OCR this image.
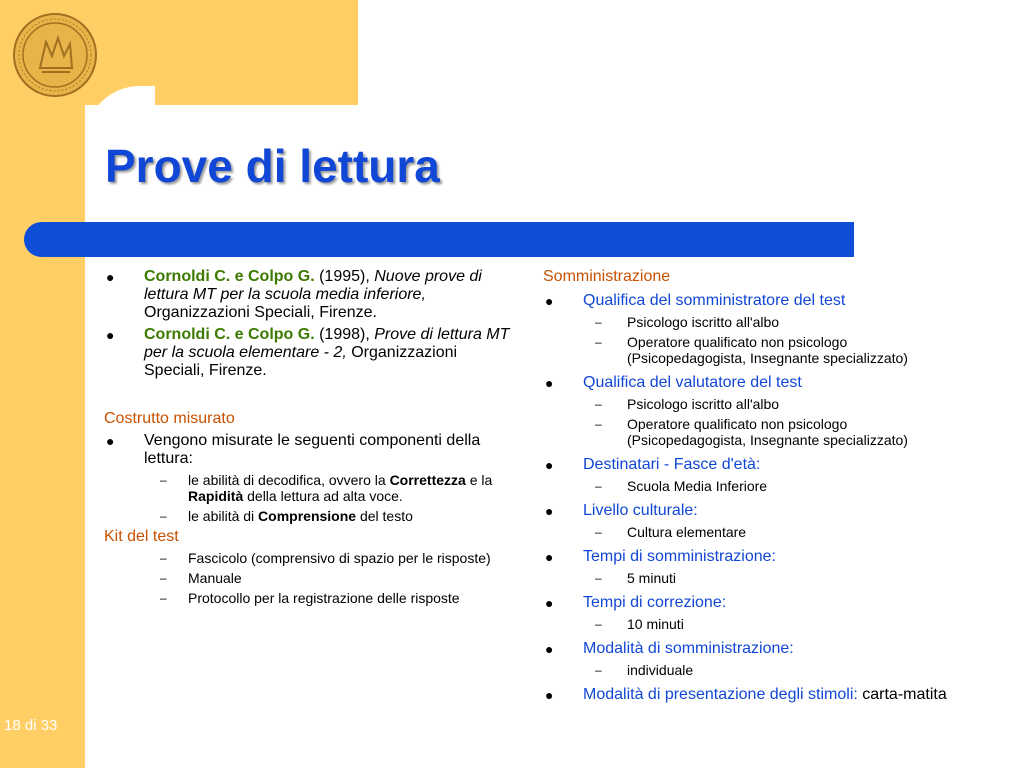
Prove di lettura
18 di 33

● Cornoldi C. e Colpo G. (1995), Nuove prove di lettura MT per la scuola media inferiore, Organizzazioni Speciali, Firenze.

● Cornoldi C. e Colpo G. (1998), Prove di lettura MT per la scuola elementare - 2, Organizzazioni Speciali, Firenze.

Costrutto misurato

● Vengono misurate le seguenti componenti della lettura:

– le abilità di decodifica, ovvero la Correttezza e la Rapidità della lettura ad alta voce.

– le abilità di Comprensione del testo

Kit del test

– Fascicolo (comprensivo di spazio per le risposte)

– Manuale

– Protocollo per la registrazione delle risposte

Somministrazione

● Qualifica del somministratore del test

– Psicologo iscritto all'albo

– Operatore qualificato non psicologo (Psicopedagogista, Insegnante specializzato)

● Qualifica del valutatore del test

– Psicologo iscritto all'albo

– Operatore qualificato non psicologo (Psicopedagogista, Insegnante specializzato)

● Destinatari - Fasce d'età:

– Scuola Media Inferiore

● Livello culturale:

– Cultura elementare

● Tempi di somministrazione:

– 5 minuti

● Tempi di correzione:

– 10 minuti

● Modalità di somministrazione:

– individuale

● Modalità di presentazione degli stimoli: carta-matita
